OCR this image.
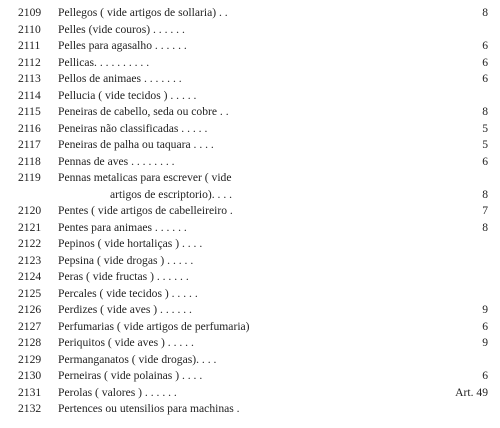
2109	Pellegos ( vide artigos de sollaria) . .	8
2110	Pelles (vide couros) . . . . . .
2111	Pelles para agasalho . . . . . .	6
2112	Pellicas. . . . . . . . . .	6
2113	Pellos de animaes . . . . . . .	6
2114	Pellucia ( vide tecidos ) . . . . .
2115	Peneiras de cabello, seda ou cobre . .	8
2116	Peneiras não classificadas . . . . .	5
2117	Peneiras de palha ou taquara . . . .	5
2118	Pennas de aves . . . . . . . .	6
2119	Pennas metalicas para escrever ( vide
artigos de escriptorio). . . .	8
2120	Pentes ( vide artigos de cabelleireiro .	7
2121	Pentes para animaes . . . . . .	8
2122	Pepinos ( vide hortaliças ) . . . .
2123	Pepsina ( vide drogas ) . . . . .
2124	Peras ( vide fructas ) . . . . . .
2125	Percales ( vide tecidos ) . . . . .
2126	Perdizes ( vide aves ) . . . . . .	9
2127	Perfumarias ( vide artigos de perfumaria)	6
2128	Periquitos ( vide aves ) . . . . .	9
2129	Permanganatos ( vide drogas). . . .
2130	Perneiras ( vide polainas ) . . . .	6
2131	Perolas ( valores ) . . . . . .	Art. 49
2132	Pertences ou utensilios para machinas .
